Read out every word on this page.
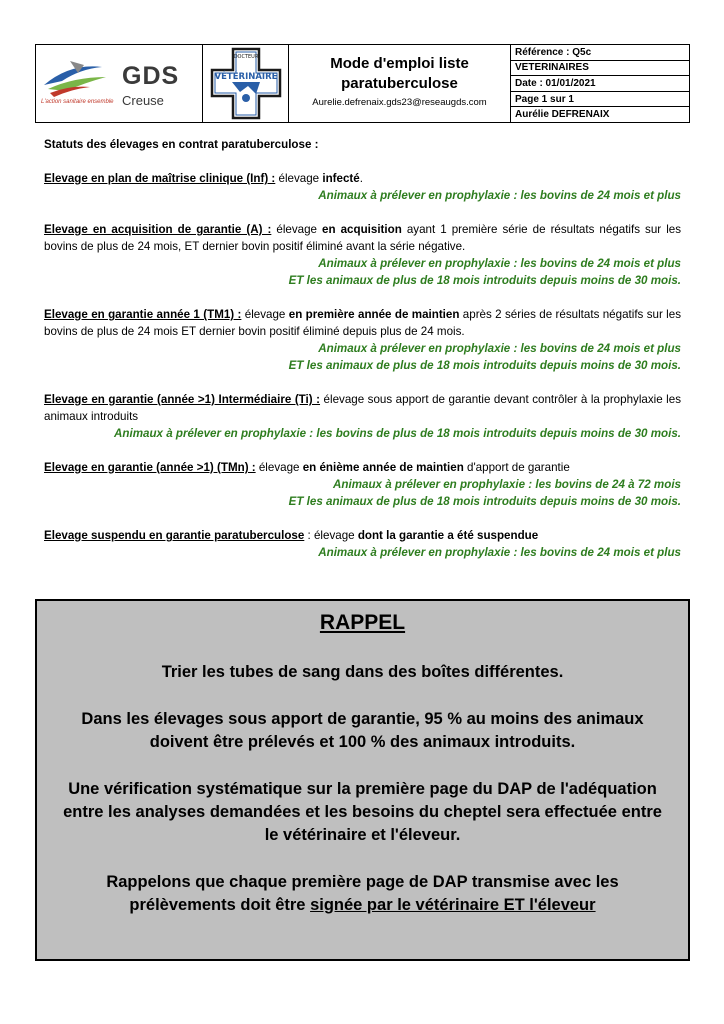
GDS
Creuse
L'action sanitaire ensemble
DOCTEUR
VÉTÉRINAIRE
Mode d'emploi liste
paratuberculose
Aurelie.defrenaix.gds23@reseaugds.com
Référence : Q5c
VETERINAIRES
Date : 01/01/2021
Page 1 sur 1
Aurélie DEFRENAIX
Statuts des élevages en contrat paratuberculose :
Elevage en plan de maîtrise clinique (Inf) : élevage infecté.
Animaux à prélever en prophylaxie : les bovins de 24 mois et plus
Elevage en acquisition de garantie (A) : élevage en acquisition ayant 1 première série de résultats négatifs sur les bovins de plus de 24 mois, ET dernier bovin positif éliminé avant la série négative.
Animaux à prélever en prophylaxie : les bovins de 24 mois et plus
ET les animaux de plus de 18 mois introduits depuis moins de 30 mois.
Elevage en garantie année 1 (TM1) : élevage en première année de maintien après 2 séries de résultats négatifs sur les bovins de plus de 24 mois ET dernier bovin positif éliminé depuis plus de 24 mois.
Animaux à prélever en prophylaxie : les bovins de 24 mois et plus
ET les animaux de plus de 18 mois introduits depuis moins de 30 mois.
Elevage en garantie (année >1) Intermédiaire (Ti) : élevage sous apport de garantie devant contrôler à la prophylaxie les animaux introduits
Animaux à prélever en prophylaxie : les bovins de plus de 18 mois introduits depuis moins de 30 mois.
Elevage en garantie (année >1) (TMn) : élevage en énième année de maintien d'apport de garantie
Animaux à prélever en prophylaxie : les bovins de 24 à 72 mois
ET les animaux de plus de 18 mois introduits depuis moins de 30 mois.
Elevage suspendu en garantie paratuberculose : élevage dont la garantie a été suspendue
Animaux à prélever en prophylaxie : les bovins de 24 mois et plus
RAPPEL

Trier les tubes de sang dans des boîtes différentes.

Dans les élevages sous apport de garantie, 95 % au moins des animaux doivent être prélevés et 100 % des animaux introduits.

Une vérification systématique sur la première page du DAP de l'adéquation entre les analyses demandées et les besoins du cheptel sera effectuée entre le vétérinaire et l'éleveur.

Rappelons que chaque première page de DAP transmise avec les prélèvements doit être signée par le vétérinaire ET l'éleveur
